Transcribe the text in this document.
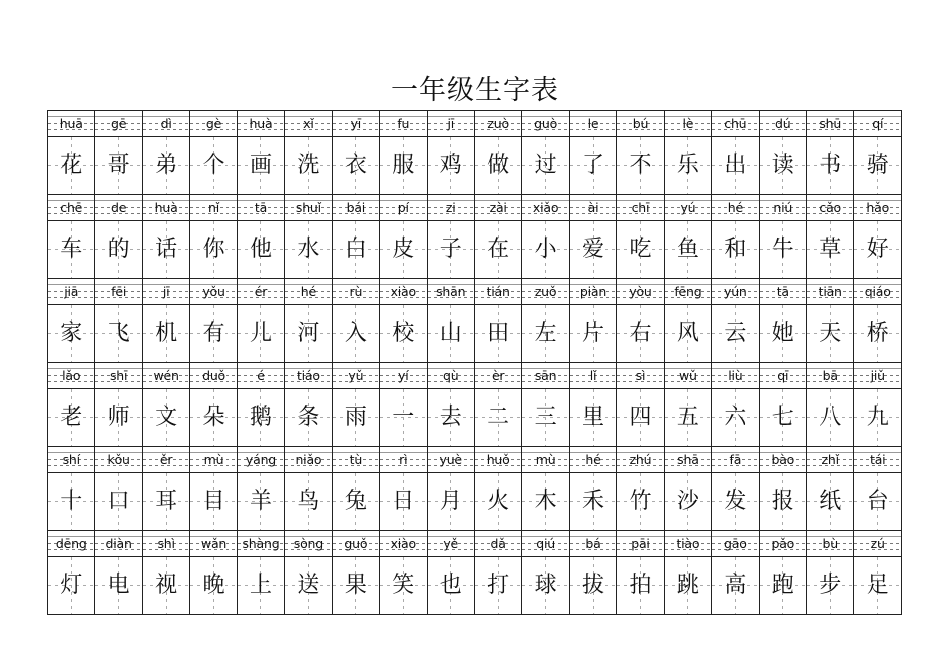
一年级生字表
huā	gē	dì	gè	huà	xǐ	yī	fu	jī	zuò	guò	le	bú	lè	chū	dú	shū	qí
花	哥	弟	个	画	洗	衣	服	鸡	做	过	了	不	乐	出	读	书	骑
chē	de	huà	nǐ	tā	shuǐ	bái	pí	zi	zài	xiǎo	ài	chī	yú	hé	niú	cǎo	hǎo
车	的	话	你	他	水	白	皮	子	在	小	爱	吃	鱼	和	牛	草	好
jiā	fēi	jī	yǒu	ér	hé	rù	xiào	shān	tián	zuǒ	piàn	yòu	fēng	yún	tā	tiān	qiáo
家	飞	机	有	儿	河	入	校	山	田	左	片	右	风	云	她	天	桥
lǎo	shī	wén	duǒ	é	tiáo	yǔ	yí	qù	èr	sān	lǐ	sì	wǔ	liù	qī	bā	jiǔ
老	师	文	朵	鹅	条	雨	一	去	二	三	里	四	五	六	七	八	九
shí	kǒu	ěr	mù	yáng	niǎo	tù	rì	yuè	huǒ	mù	hé	zhú	shā	fā	bào	zhǐ	tái
十	口	耳	目	羊	鸟	兔	日	月	火	木	禾	竹	沙	发	报	纸	台
dēng	diàn	shì	wǎn	shàng	sòng	guǒ	xiào	yě	dǎ	qiú	bá	pāi	tiào	gāo	pǎo	bù	zú
灯	电	视	晚	上	送	果	笑	也	打	球	拔	拍	跳	高	跑	步	足
